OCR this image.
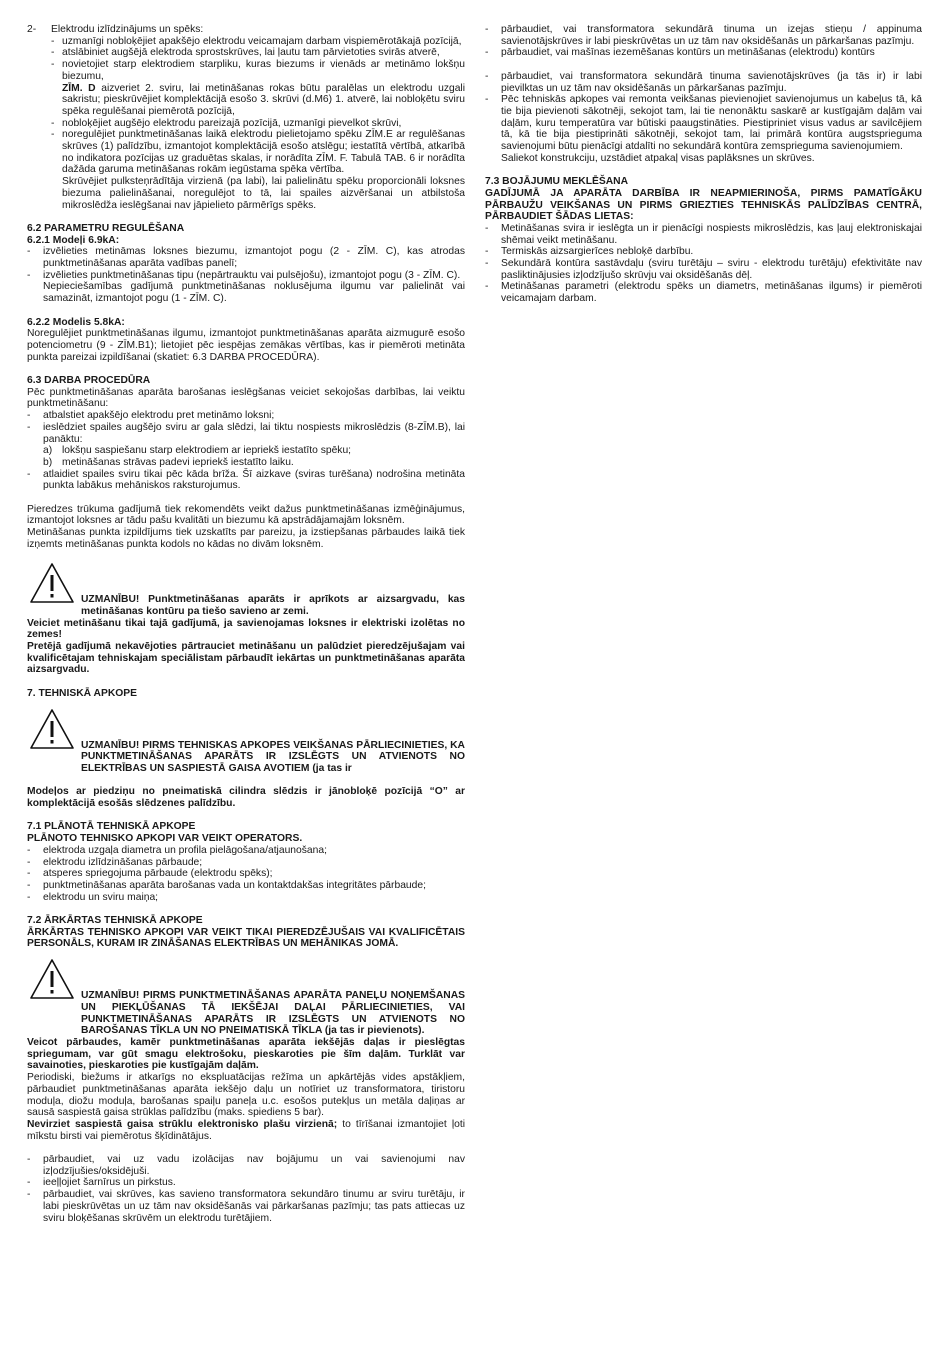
2- Elektrodu izlīdzinājums un spēks:
- uzmanīgi nobloķējiet apakšējo elektrodu veicamajam darbam vispiemērotākajā pozīcijā,
- atslābiniet augšējā elektroda sprostskrūves, lai ļautu tam pārvietoties svirās atverē,
- novietojiet starp elektrodiem starpliku, kuras biezums ir vienāds ar metināmo lokšņu biezumu,

ZĪM. D aizveriet 2. sviru, lai metināšanas rokas būtu paralēlas un elektrodu uzgali sakristu; pieskrūvējiet komplektācijā esošo 3. skrūvi (d.M6) 1. atverē, lai nobloķētu sviru spēka regulēšanai piemērotā pozīcijā,

- nobloķējiet augšējo elektrodu pareizajā pozīcijā, uzmanīgi pievelkot skrūvi,
- noregulējiet punktmetināšanas laikā elektrodu pielietojamo spēku ZĪM.E ar regulēšanas skrūves (1) palīdzību, izmantojot komplektācijā esošo atslēgu; iestatītā vērtībā, atkarībā no indikatora pozīcijas uz graduētas skalas, ir norādīta ZĪM. F. Tabulā TAB. 6 ir norādīta dažāda garuma metināšanas rokām iegūstama spēka vērtība.

Skrūvējiet pulksteņrādītāja virzienā (pa labi), lai palielinātu spēku proporcionāli loksnes biezuma palielināšanai, noregulējot to tā, lai spailes aizvēršanai un atbilstoša mikroslēdža ieslēgšanai nav jāpielieto pārmērīgs spēks.

6.2 PARAMETRU REGULĒŠANA

6.2.1 Modeļi 6.9kA:

- izvēlieties metināmas loksnes biezumu, izmantojot pogu (2 - ZĪM. C), kas atrodas punktmetināšanas aparāta vadības panelī;
- izvēlieties punktmetināšanas tipu (nepārtrauktu vai pulsējošu), izmantojot pogu (3 - ZĪM. C).

Nepieciešamības gadījumā punktmetināšanas noklusējuma ilgumu var palielināt vai samazināt, izmantojot pogu (1 - ZĪM. C).

6.2.2 Modelis 5.8kA:

Noregulējiet punktmetināšanas ilgumu, izmantojot punktmetināšanas aparāta aizmugurē esošo potenciometru (9 - ZĪM.B1); lietojiet pēc iespējas zemākas vērtības, kas ir piemēroti metināta punkta pareizai izpildīšanai (skatiet: 6.3 DARBA PROCEDŪRA).

6.3 DARBA PROCEDŪRA

Pēc punktmetināšanas aparāta barošanas ieslēgšanas veiciet sekojošas darbības, lai veiktu punktmetināšanu:

- atbalstiet apakšējo elektrodu pret metināmo loksni;
- ieslēdziet spailes augšējo sviru ar gala slēdzi, lai tiktu nospiests mikroslēdzis (8-ZĪM.B), lai panāktu:
a) lokšņu saspiešanu starp elektrodiem ar iepriekš iestatīto spēku;
b) metināšanas strāvas padevi iepriekš iestatīto laiku.
- atlaidiet spailes sviru tikai pēc kāda brīža. Šī aizkave (sviras turēšana) nodrošina metināta punkta labākus mehāniskos raksturojumus.

Pieredzes trūkuma gadījumā tiek rekomendēts veikt dažus punktmetināšanas izmēģinājumus, izmantojot loksnes ar tādu pašu kvalitāti un biezumu kā apstrādājamajām loksnēm.

Metināšanas punkta izpildījums tiek uzskatīts par pareizu, ja izstiepšanas pārbaudes laikā tiek izņemts metināšanas punkta kodols no kādas no divām loksnēm.

UZMANĪBU! Punktmetināšanas aparāts ir aprīkots ar aizsargvadu, kas metināšanas kontūru pa tiešo savieno ar zemi.

Veiciet metināšanu tikai tajā gadījumā, ja savienojamas loksnes ir elektriski izolētas no zemes!

Pretējā gadījumā nekavējoties pārtrauciet metināšanu un palūdziet pieredzējušajam vai kvalificētajam tehniskajam speciālistam pārbaudīt iekārtas un punktmetināšanas aparāta aizsargvadu.

7. TEHNISKĀ APKOPE

UZMANĪBU! PIRMS TEHNISKAS APKOPES VEIKŠANAS PĀRLIECINIETIES, KA PUNKTMETINĀŠANAS APARĀTS IR IZSLĒGTS UN ATVIENOTS NO ELEKTRĪBAS UN SASPIESTĀ GAISA AVOTIEM (ja tas ir

Modeļos ar piedziņu no pneimatiskā cilindra slēdzis ir jānobloķē pozīcijā “O” ar komplektācijā esošās slēdzenes palīdzību.

7.1 PLĀNOTĀ TEHNISKĀ APKOPE

PLĀNOTO TEHNISKO APKOPI VAR VEIKT OPERATORS.

- elektroda uzgaļa diametra un profila pielāgošana/atjaunošana;
- elektrodu izlīdzināšanas pārbaude;
- atsperes spriegojuma pārbaude (elektrodu spēks);
- punktmetināšanas aparāta barošanas vada un kontaktdakšas integritātes pārbaude;
- elektrodu un sviru maiņa;

7.2 ĀRKĀRTAS TEHNISKĀ APKOPE

ĀRKĀRTAS TEHNISKO APKOPI VAR VEIKT TIKAI PIEREDZĒJUŠAIS VAI KVALIFICĒTAIS PERSONĀLS, KURAM IR ZINĀŠANAS ELEKTRĪBAS UN MEHĀNIKAS JOMĀ.

UZMANĪBU! PIRMS PUNKTMETINĀŠANAS APARĀTA PANEĻU NOŅEMŠANAS UN PIEKĻŪŠANAS TĀ IEKŠĒJAI DAĻAI PĀRLIECINIETIES, VAI PUNKTMETINĀŠANAS APARĀTS IR IZSLĒGTS UN ATVIENOTS NO BAROŠANAS TĪKLA UN NO PNEIMATISKĀ TĪKLA (ja tas ir pievienots).

Veicot pārbaudes, kamēr punktmetināšanas aparāta iekšējās daļas ir pieslēgtas spriegumam, var gūt smagu elektrošoku, pieskaroties pie šīm daļām. Turklāt var savainoties, pieskaroties pie kustīgajām daļām.

Periodiski, biežums ir atkarīgs no ekspluatācijas režīma un apkārtējās vides apstākļiem, pārbaudiet punktmetināšanas aparāta iekšējo daļu un notīriet uz transformatora, tiristoru moduļa, diožu moduļa, barošanas spaiļu paneļa u.c. esošos putekļus un metāla daļiņas ar sausā saspiestā gaisa strūklas palīdzību (maks. spiediens 5 bar).

Nevirziet saspiestā gaisa strūklu elektronisko plašu virzienā; to tīrīšanai izmantojiet ļoti mīkstu birsti vai piemērotus šķīdinātājus.

- pārbaudiet, vai uz vadu izolācijas nav bojājumu un vai savienojumi nav izļodzījušies/oksidējuši.
- ieeļļojiet šarnīrus un pirkstus.
- pārbaudiet, vai skrūves, kas savieno transformatora sekundāro tinumu ar sviru turētāju, ir labi pieskrūvētas un uz tām nav oksidēšanās vai pārkaršanas pazīmju; tas pats attiecas uz sviru bloķēšanas skrūvēm un elektrodu turētājiem.
- pārbaudiet, vai transformatora sekundārā tinuma un izejas stieņu / appinuma savienotājskrūves ir labi pieskrūvētas un uz tām nav oksidēšanās un pārkaršanas pazīmju.
- pārbaudiet, vai mašīnas iezemēšanas kontūrs un metināšanas (elektrodu) kontūrs
- pārbaudiet, vai transformatora sekundārā tinuma savienotājskrūves (ja tās ir) ir labi pievilktas un uz tām nav oksidēšanās un pārkaršanas pazīmju.
- Pēc tehniskās apkopes vai remonta veikšanas pievienojiet savienojumus un kabeļus tā, kā tie bija pievienoti sākotnēji, sekojot tam, lai tie nenonāktu saskarē ar kustīgajām daļām vai daļām, kuru temperatūra var būtiski paaugstināties. Piestipriniet visus vadus ar savilcējiem tā, kā tie bija piestiprināti sākotnēji, sekojot tam, lai primārā kontūra augstsprieguma savienojumi būtu pienācīgi atdalīti no sekundārā kontūra zemsprieguma savienojumiem.

Saliekot konstrukciju, uzstādiet atpakaļ visas paplāksnes un skrūves.

7.3 BOJĀJUMU MEKLĒŠANA

GADĪJUMĀ JA APARĀTA DARBĪBA IR NEAPMIERINOŠA, PIRMS PAMATĪGĀKU PĀRBAUŽU VEIKŠANAS UN PIRMS GRIEZTIES TEHNISKĀS PALĪDZĪBAS CENTRĀ, PĀRBAUDIET ŠĀDAS LIETAS:

- Metināšanas svira ir ieslēgta un ir pienācīgi nospiests mikroslēdzis, kas ļauj elektroniskajai shēmai veikt metināšanu.
- Termiskās aizsargierīces nebloķē darbību.
- Sekundārā kontūra sastāvdaļu (sviru turētāju – sviru - elektrodu turētāju) efektivitāte nav pasliktinājusies izļodzījušo skrūvju vai oksidēšanās dēļ.
- Metināšanas parametri (elektrodu spēks un diametrs, metināšanas ilgums) ir piemēroti veicamajam darbam.
